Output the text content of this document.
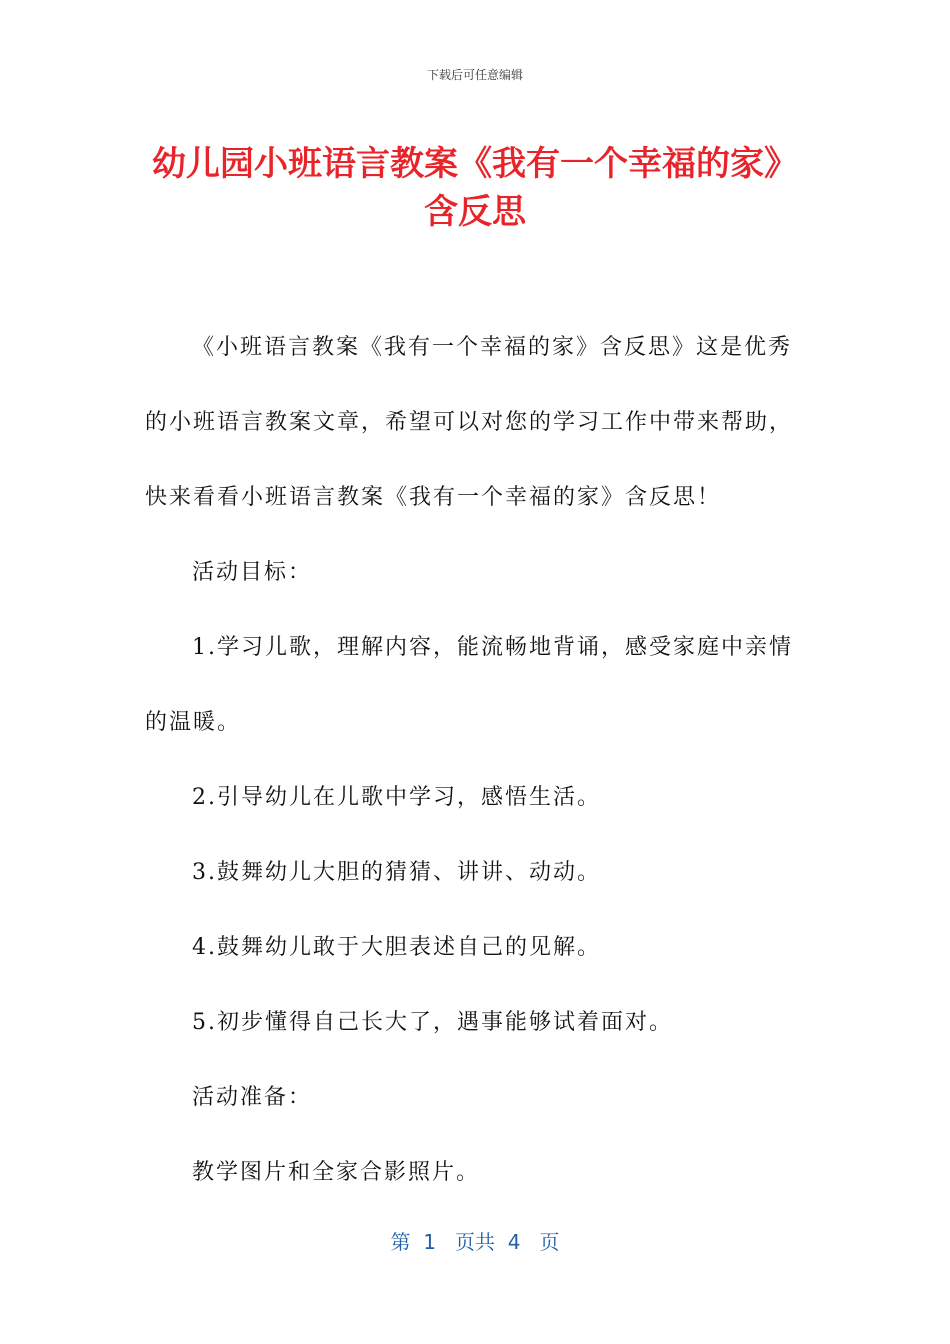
下载后可任意编辑
幼儿园小班语言教案《我有一个幸福的家》
含反思
《小班语言教案《我有一个幸福的家》含反思》这是优秀
的小班语言教案文章，希望可以对您的学习工作中带来帮助，
快来看看小班语言教案《我有一个幸福的家》含反思！
活动目标：
1.学习儿歌，理解内容，能流畅地背诵，感受家庭中亲情
的温暖。
2.引导幼儿在儿歌中学习，感悟生活。
3.鼓舞幼儿大胆的猜猜、讲讲、动动。
4.鼓舞幼儿敢于大胆表述自己的见解。
5.初步懂得自己长大了，遇事能够试着面对。
活动准备：
教学图片和全家合影照片。
第  1   页共  4   页
